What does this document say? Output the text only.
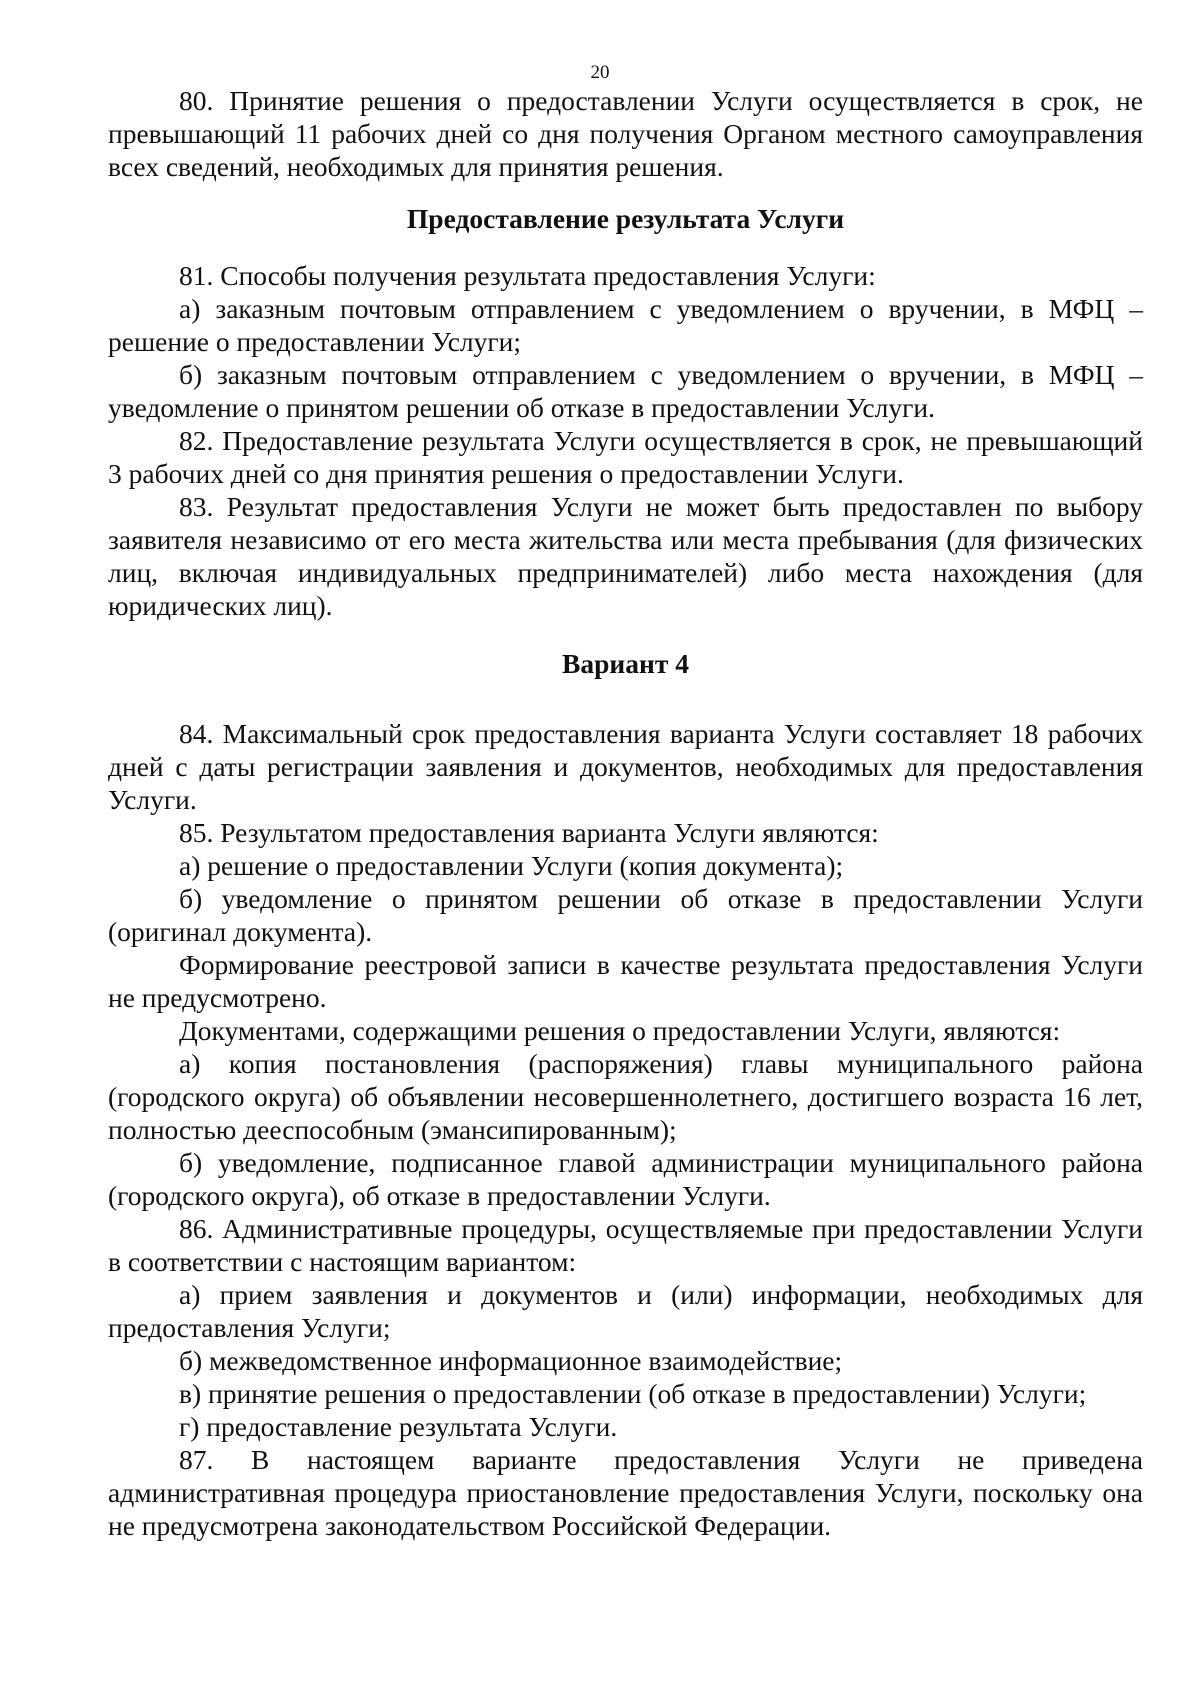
20

80. Принятие решения о предоставлении Услуги осуществляется в срок, не превышающий 11 рабочих дней со дня получения Органом местного самоуправления всех сведений, необходимых для принятия решения.

Предоставление результата Услуги

81. Способы получения результата предоставления Услуги:

а) заказным почтовым отправлением с уведомлением о вручении, в МФЦ – решение о предоставлении Услуги;

б) заказным почтовым отправлением с уведомлением о вручении, в МФЦ – уведомление о принятом решении об отказе в предоставлении Услуги.

82. Предоставление результата Услуги осуществляется в срок, не превышающий 3 рабочих дней со дня принятия решения о предоставлении Услуги.

83. Результат предоставления Услуги не может быть предоставлен по выбору заявителя независимо от его места жительства или места пребывания (для физических лиц, включая индивидуальных предпринимателей) либо места нахождения (для юридических лиц).

Вариант 4

84. Максимальный срок предоставления варианта Услуги составляет 18 рабочих дней с даты регистрации заявления и документов, необходимых для предоставления Услуги.

85. Результатом предоставления варианта Услуги являются:

а) решение о предоставлении Услуги (копия документа);

б) уведомление о принятом решении об отказе в предоставлении Услуги (оригинал документа).

Формирование реестровой записи в качестве результата предоставления Услуги не предусмотрено.

Документами, содержащими решения о предоставлении Услуги, являются:

а) копия постановления (распоряжения) главы муниципального района (городского округа) об объявлении несовершеннолетнего, достигшего возраста 16 лет, полностью дееспособным (эмансипированным);

б) уведомление, подписанное главой администрации муниципального района (городского округа), об отказе в предоставлении Услуги.

86. Административные процедуры, осуществляемые при предоставлении Услуги в соответствии с настоящим вариантом:

а) прием заявления и документов и (или) информации, необходимых для предоставления Услуги;

б) межведомственное информационное взаимодействие;

в) принятие решения о предоставлении (об отказе в предоставлении) Услуги;

г) предоставление результата Услуги.

87. В настоящем варианте предоставления Услуги не приведена административная процедура приостановление предоставления Услуги, поскольку она не предусмотрена законодательством Российской Федерации.
